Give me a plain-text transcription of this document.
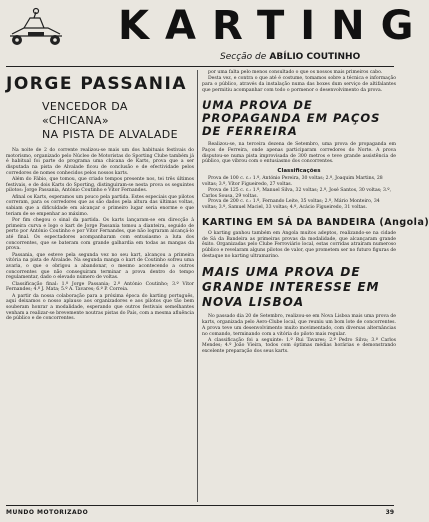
KARTING
Secção de ABÍLIO COUTINHO
JORGE PASSANIA
VENCEDOR DA «CHICANA»
NA PISTA DE ALVALADE

Na noite de 2 do corrente realizou-se mais um dos habituais festivais do motorismo, organizado pelo Núcleo de Motoristas do Sporting Clube também já é habitual foi parte do programa uma chicana de Karts, prova que a ser disputada na pista de Alvalade ficou de conclusão e de efectividade pelos corredores de nomes conhecidos pelos nossos karts.

Além do Fábio, que tomou, que criado tempos presente nos, tei três últimos festivais, e de dois Karts do Sporting, distinguiram-se nesta prova os seguintes pilotos: Jorge Passania, António Coutinho e Vítor Fernandes.

Afinal os Karts, esperamos um pouco pela partida. Estes especiais que pilotos correram, para os corredores que as são dados pela altura das últimas voltas, sabiam que a dificuldade em alcançar o primeiro lugar seria enorme e que teriam de se empenhar ao máximo.

Por fim chegou o sinal da partida. Os karts lançaram-se em direcção à primeira curva e logo o kart de Jorge Passania tomou a dianteira, seguido de perto por António Coutinho e por Vítor Fernandes, que não lograram alcançá-lo até final. Os espectadores acompanharam com entusiasmo a luta dos concorrentes, que se bateram com grande galhardia em todas as mangas da prova.

Passania, que esteve pela segunda vez no seu kart, alcançou a primeira vitória na pista de Alvalade. Na segunda manga o kart de Coutinho sofreu uma avaria, o que o obrigou a abandonar, o mesmo acontecendo a outros concorrentes que não conseguiram terminar a prova dentro do tempo regulamentar, dado o elevado número de voltas.

Classificação final: 1.º Jorge Passania; 2.º António Coutinho; 3.º Vítor Fernandes; 4.º J. Mata; 5.º A. Tavares; 6.º P. Correia.

A partir da nossa colaboração para a próxima época do karting português, aqui deixamos o nosso aplauso aos organizadores e aos pilotos que tão bem souberam honrar a modalidade, esperando que outros festivais semelhantes venham a realizar-se brevemente noutras pistas do País, com a mesma afluência de público e de concorrentes.

por uma falta pelo menos consultado o que os nossos mais primeiros cabo.

Desta vez, e contra o que até é costume, tomamos sobre a técnica e informação para o público, através da instalação numa das boxes dum serviço de altifalantes que permitiu acompanhar com todo o pormenor o desenvolvimento da prova.

UMA PROVA DE PROPAGANDA EM PAÇOS DE FERREIRA

Realizou-se, na terceira dezena de Setembro, uma prova de propaganda em Paços de Ferreira, onde apenas participaram corredores do Norte. A prova disputou-se numa pista improvisada de 300 metros e teve grande assistência de público, que vibrou com o entusiasmo dos concorrentes.

Classificações

Prova de 100 c. c.: 1.º, António Pereira, 30 voltas; 2.º, Joaquim Martins, 28 voltas; 3.º, Vítor Figueiredo, 27 voltas.

Prova de 125 c. c.: 1.º, Manuel Silva, 32 voltas; 2.º, José Santos, 30 voltas; 3.º, Carlos Sousa, 29 voltas.

Prova de 200 c. c.: 1.º, Fernando Leite, 35 voltas; 2.º, Mário Monteiro, 34 voltas; 3.º, Samuel Maciel, 33 voltas; 4.º, Acácio Figueiredo, 31 voltas.

KARTING EM SÁ DA BANDEIRA (Angola)

O karting ganhou também em Angola muitos adeptos, realizando-se na cidade de Sá da Bandeira as primeiras provas da modalidade, que alcançaram grande êxito. Organizadas pelo Clube Ferroviário local, estas corridas atraíram numeroso público e revelaram alguns pilotos de valor, que prometem ser no futuro figuras de destaque no karting ultramarino.

MAIS UMA PROVA DE GRANDE INTERESSE EM NOVA LISBOA

No passado dia 20 de Setembro, realizou-se em Nova Lisboa mais uma prova de karts, organizada pelo Aero-Clube local, que reuniu um bom lote de concorrentes. A prova teve um desenvolvimento muito movimentado, com diversas alternâncias no comando, terminando com a vitória do piloto mais regular.

A classificação foi a seguinte: 1.º Rui Tavares; 2.º Pedro Silva; 3.º Carlos Mendes; 4.º João Vieira, todos com óptimas médias horárias e demonstrando excelente preparação dos seus karts.

MUNDO MOTORIZADO	39
